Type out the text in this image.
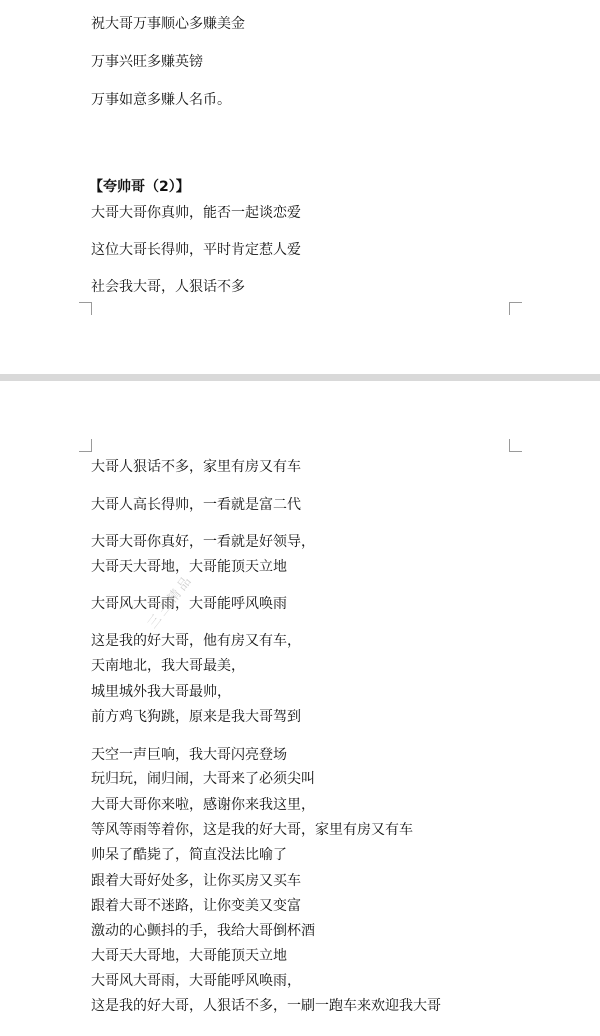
祝大哥万事顺心多赚美金
万事兴旺多赚英镑
万事如意多赚人名币。
【夸帅哥（2）】
大哥大哥你真帅，能否一起谈恋爱
这位大哥长得帅，平时肯定惹人爱
社会我大哥，人狠话不多
大哥人狠话不多，家里有房又有车
大哥人高长得帅，一看就是富二代
大哥大哥你真好，一看就是好领导，
大哥天大哥地，大哥能顶天立地
大哥风大哥雨，大哥能呼风唤雨
这是我的好大哥，他有房又有车，
天南地北，我大哥最美，
城里城外我大哥最帅，
前方鸡飞狗跳，原来是我大哥驾到
天空一声巨响，我大哥闪亮登场
玩归玩，闹归闹，大哥来了必须尖叫
大哥大哥你来啦，感谢你来我这里，
等风等雨等着你，这是我的好大哥，家里有房又有车
帅呆了酷毙了，简直没法比喻了
跟着大哥好处多，让你买房又买车
跟着大哥不迷路，让你变美又变富
激动的心颤抖的手，我给大哥倒杯酒
大哥天大哥地，大哥能顶天立地
大哥风大哥雨，大哥能呼风唤雨，
这是我的好大哥，人狠话不多，一刷一跑车来欢迎我大哥
三三精品
